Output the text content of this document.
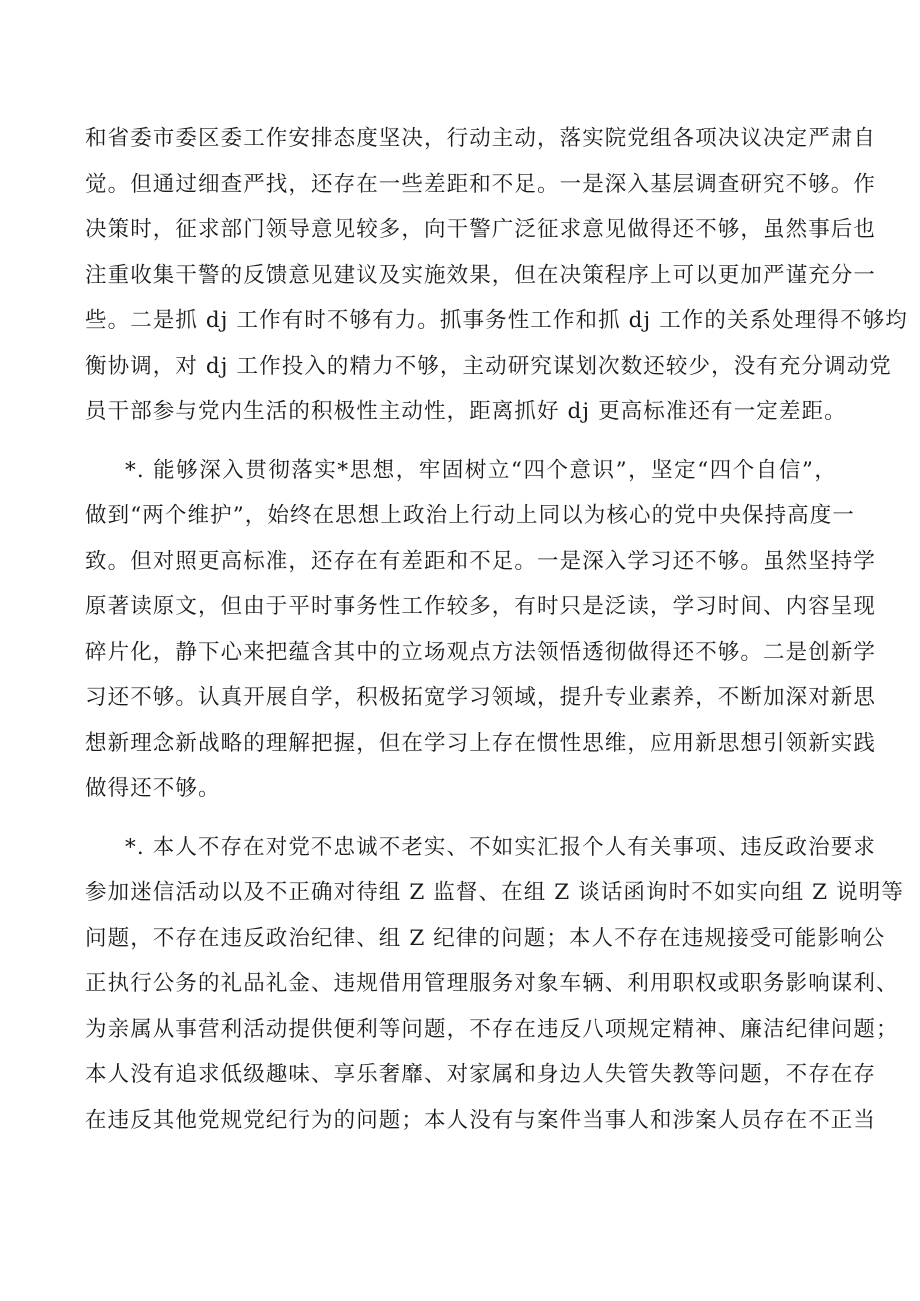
和省委市委区委工作安排态度坚决，行动主动，落实院党组各项决议决定严肃自
觉。但通过细查严找，还存在一些差距和不足。一是深入基层调查研究不够。作
决策时，征求部门领导意见较多，向干警广泛征求意见做得还不够，虽然事后也
注重收集干警的反馈意见建议及实施效果，但在决策程序上可以更加严谨充分一
些。二是抓 dj 工作有时不够有力。抓事务性工作和抓 dj 工作的关系处理得不够均
衡协调，对 dj 工作投入的精力不够，主动研究谋划次数还较少，没有充分调动党
员干部参与党内生活的积极性主动性，距离抓好 dj 更高标准还有一定差距。
*. 能够深入贯彻落实*思想，牢固树立“四个意识”，坚定“四个自信”，
做到“两个维护”，始终在思想上政治上行动上同以为核心的党中央保持高度一
致。但对照更高标准，还存在有差距和不足。一是深入学习还不够。虽然坚持学
原著读原文，但由于平时事务性工作较多，有时只是泛读，学习时间、内容呈现
碎片化，静下心来把蕴含其中的立场观点方法领悟透彻做得还不够。二是创新学
习还不够。认真开展自学，积极拓宽学习领域，提升专业素养，不断加深对新思
想新理念新战略的理解把握，但在学习上存在惯性思维，应用新思想引领新实践
做得还不够。
*. 本人不存在对党不忠诚不老实、不如实汇报个人有关事项、违反政治要求
参加迷信活动以及不正确对待组 Z 监督、在组 Z 谈话函询时不如实向组 Z 说明等
问题，不存在违反政治纪律、组 Z 纪律的问题；本人不存在违规接受可能影响公
正执行公务的礼品礼金、违规借用管理服务对象车辆、利用职权或职务影响谋利、
为亲属从事营利活动提供便利等问题，不存在违反八项规定精神、廉洁纪律问题；
本人没有追求低级趣味、享乐奢靡、对家属和身边人失管失教等问题，不存在存
在违反其他党规党纪行为的问题；本人没有与案件当事人和涉案人员存在不正当
